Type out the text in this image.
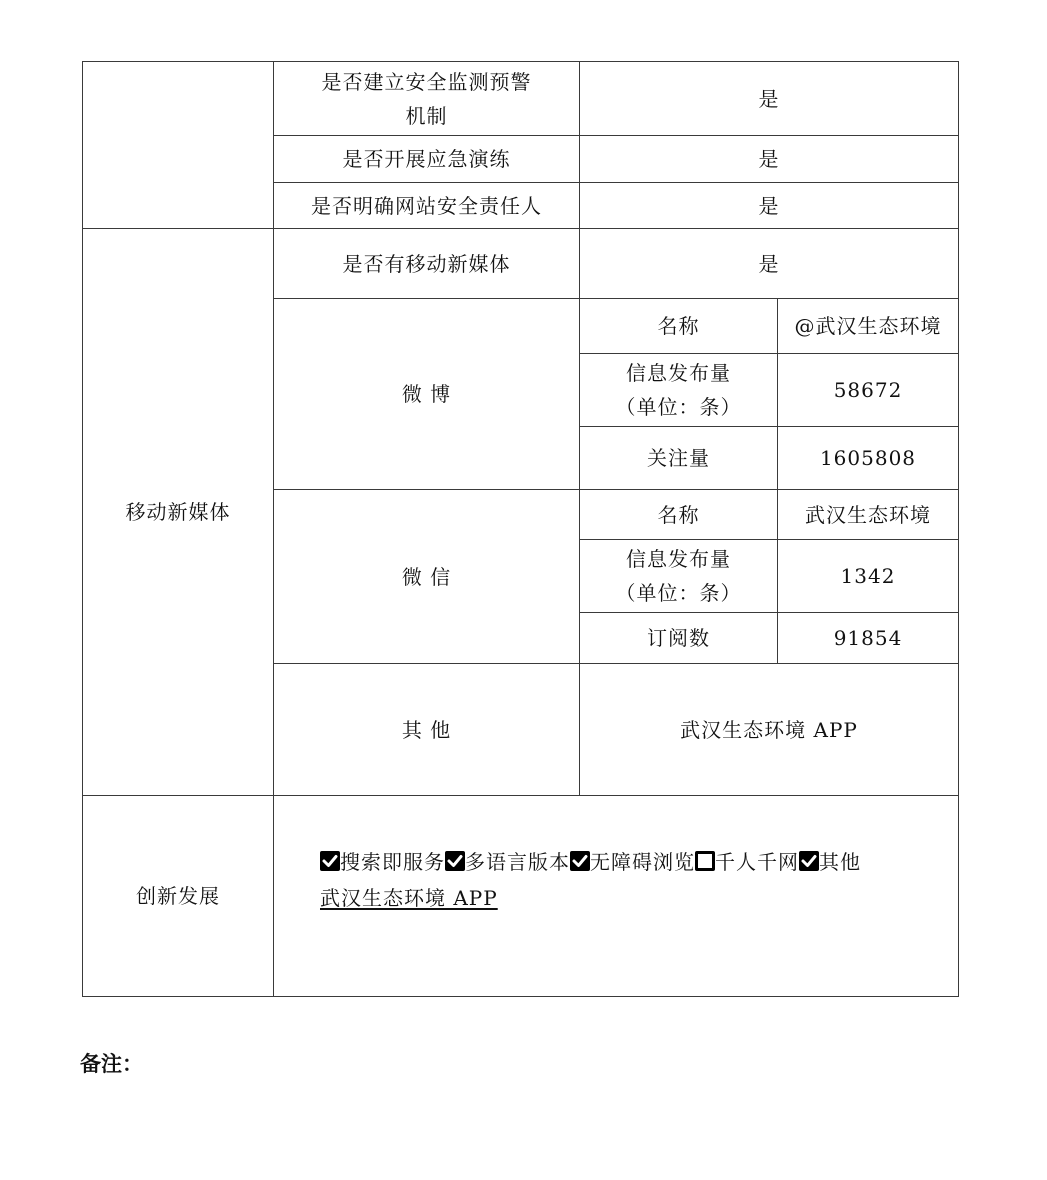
	是否建立安全监测预警
机制	是	
	是否开展应急演练	是	
	是否明确网站安全责任人	是	
移动新媒体	是否有移动新媒体	是	
	微 博	名称	@武汉生态环境
		信息发布量
（单位：条）	58672
		关注量	1605808
	微 信	名称	武汉生态环境
		信息发布量
（单位：条）	1342
		订阅数	91854
	其 他	武汉生态环境 APP	
创新发展	搜索即服务 多语言版本 无障碍浏览 千人千网 其他
武汉生态环境 APP		
备注：
